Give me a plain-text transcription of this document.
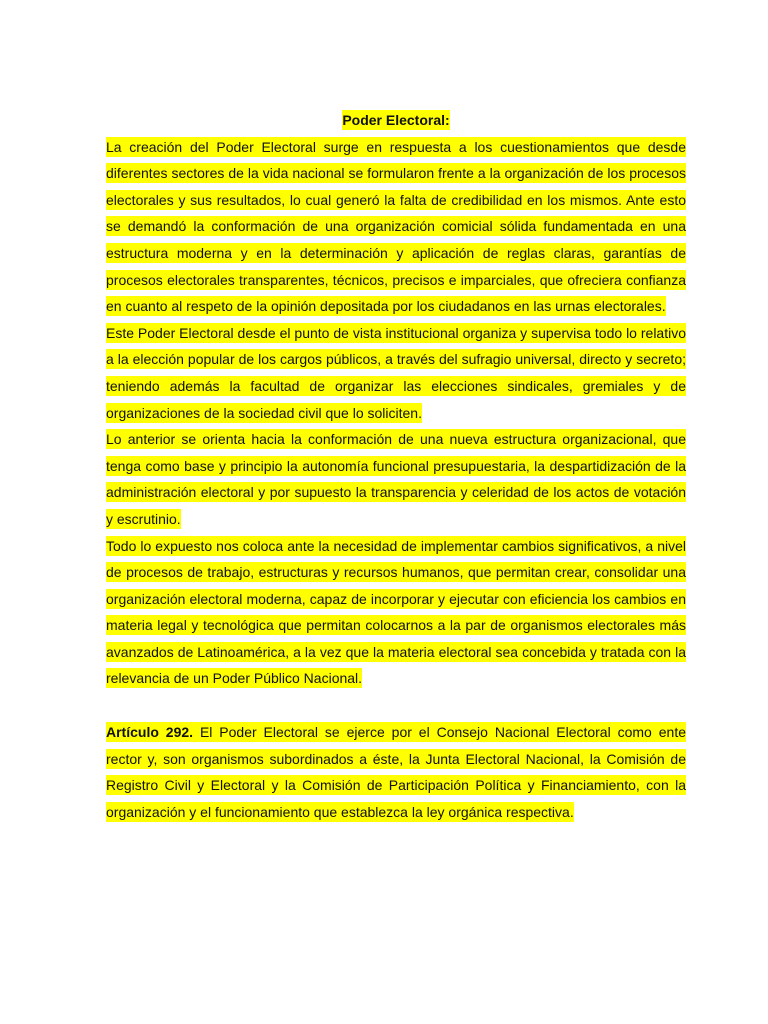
Poder Electoral:

La creación del Poder Electoral surge en respuesta a los cuestionamientos que desde diferentes sectores de la vida nacional se formularon frente a la organización de los procesos electorales y sus resultados, lo cual generó la falta de credibilidad en los mismos. Ante esto se demandó la conformación de una organización comicial sólida fundamentada en una estructura moderna y en la determinación y aplicación de reglas claras, garantías de procesos electorales transparentes, técnicos, precisos e imparciales, que ofreciera confianza en cuanto al respeto de la opinión depositada por los ciudadanos en las urnas electorales.

Este Poder Electoral desde el punto de vista institucional organiza y supervisa todo lo relativo a la elección popular de los cargos públicos, a través del sufragio universal, directo y secreto; teniendo además la facultad de organizar las elecciones sindicales, gremiales y de organizaciones de la sociedad civil que lo soliciten.

Lo anterior se orienta hacia la conformación de una nueva estructura organizacional, que tenga como base y principio la autonomía funcional presupuestaria, la despartidización de la administración electoral y por supuesto la transparencia y celeridad de los actos de votación y escrutinio.

Todo lo expuesto nos coloca ante la necesidad de implementar cambios significativos, a nivel de procesos de trabajo, estructuras y recursos humanos, que permitan crear, consolidar una organización electoral moderna, capaz de incorporar y ejecutar con eficiencia los cambios en materia legal y tecnológica que permitan colocarnos a la par de organismos electorales más avanzados de Latinoamérica, a la vez que la materia electoral sea concebida y tratada con la relevancia de un Poder Público Nacional.

Artículo 292. El Poder Electoral se ejerce por el Consejo Nacional Electoral como ente rector y, son organismos subordinados a éste, la Junta Electoral Nacional, la Comisión de Registro Civil y Electoral y la Comisión de Participación Política y Financiamiento, con la organización y el funcionamiento que establezca la ley orgánica respectiva.
